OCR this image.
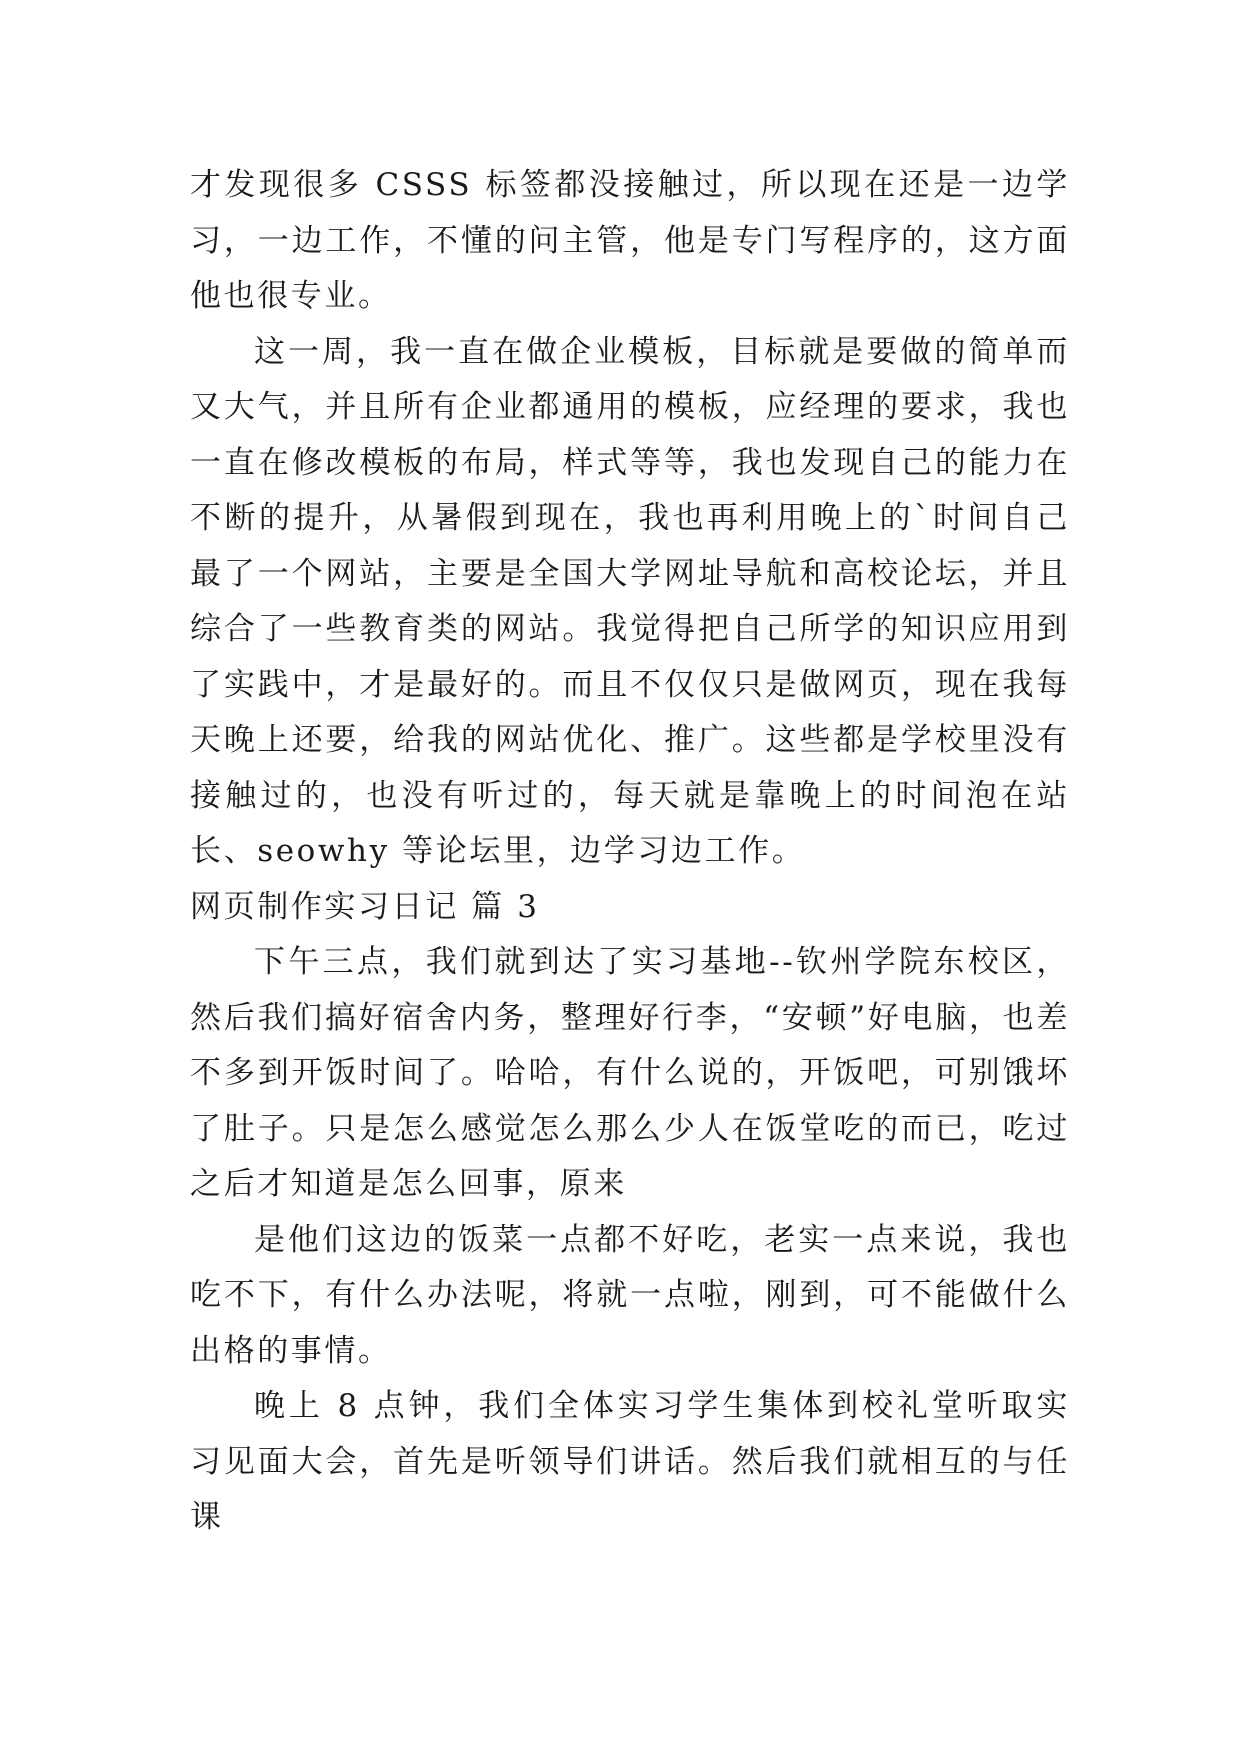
才发现很多 CSSS 标签都没接触过，所以现在还是一边学习，一边工作，不懂的问主管，他是专门写程序的，这方面他也很专业。

这一周，我一直在做企业模板，目标就是要做的简单而又大气，并且所有企业都通用的模板，应经理的要求，我也一直在修改模板的布局，样式等等，我也发现自己的能力在不断的提升，从暑假到现在，我也再利用晚上的`时间自己最了一个网站，主要是全国大学网址导航和高校论坛，并且综合了一些教育类的网站。我觉得把自己所学的知识应用到了实践中，才是最好的。而且不仅仅只是做网页，现在我每天晚上还要，给我的网站优化、推广。这些都是学校里没有接触过的，也没有听过的，每天就是靠晚上的时间泡在站长、seowhy 等论坛里，边学习边工作。

网页制作实习日记 篇 3

下午三点，我们就到达了实习基地--钦州学院东校区，然后我们搞好宿舍内务，整理好行李，“安顿”好电脑，也差不多到开饭时间了。哈哈，有什么说的，开饭吧，可别饿坏了肚子。只是怎么感觉怎么那么少人在饭堂吃的而已，吃过之后才知道是怎么回事，原来

是他们这边的饭菜一点都不好吃，老实一点来说，我也吃不下，有什么办法呢，将就一点啦，刚到，可不能做什么出格的事情。

晚上 8 点钟，我们全体实习学生集体到校礼堂听取实习见面大会，首先是听领导们讲话。然后我们就相互的与任课
